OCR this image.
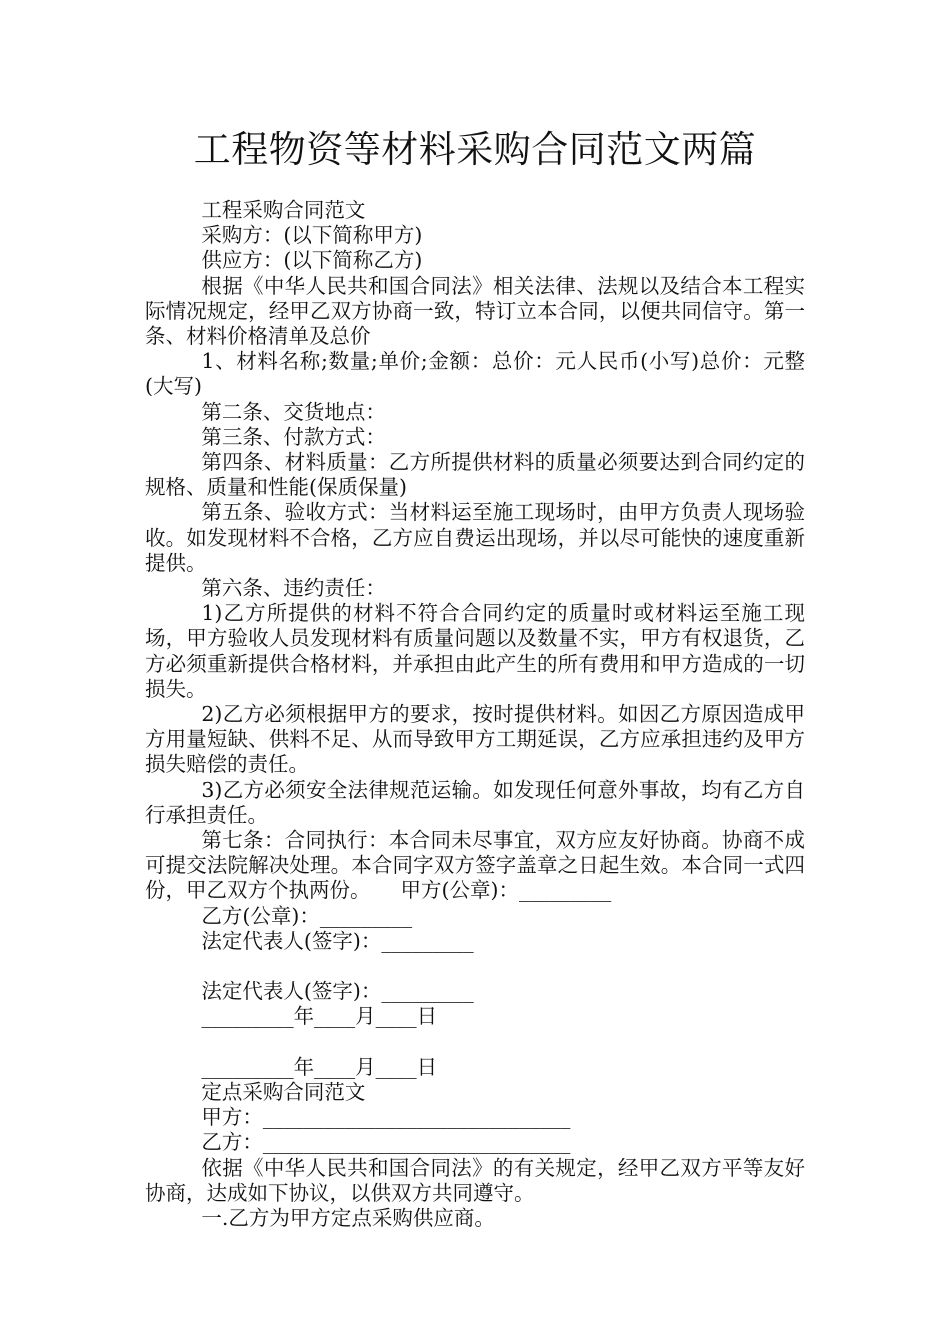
工程物资等材料采购合同范文两篇

工程采购合同范文

采购方：(以下简称甲方)

供应方：(以下简称乙方)

根据《中华人民共和国合同法》相关法律、法规以及结合本工程实际情况规定，经甲乙双方协商一致，特订立本合同，以便共同信守。第一条、材料价格清单及总价

1、材料名称;数量;单价;金额：总价：元人民币(小写)总价：元整(大写)

第二条、交货地点：

第三条、付款方式：

第四条、材料质量：乙方所提供材料的质量必须要达到合同约定的规格、质量和性能(保质保量)

第五条、验收方式：当材料运至施工现场时，由甲方负责人现场验收。如发现材料不合格，乙方应自费运出现场，并以尽可能快的速度重新提供。

第六条、违约责任：

1)乙方所提供的材料不符合合同约定的质量时或材料运至施工现场，甲方验收人员发现材料有质量问题以及数量不实，甲方有权退货，乙方必须重新提供合格材料，并承担由此产生的所有费用和甲方造成的一切损失。

2)乙方必须根据甲方的要求，按时提供材料。如因乙方原因造成甲方用量短缺、供料不足、从而导致甲方工期延误，乙方应承担违约及甲方损失赔偿的责任。

3)乙方必须安全法律规范运输。如发现任何意外事故，均有乙方自行承担责任。

第七条：合同执行：本合同未尽事宜，双方应友好协商。协商不成可提交法院解决处理。本合同字双方签字盖章之日起生效。本合同一式四份，甲乙双方个执两份。 甲方(公章)：_________

乙方(公章)：_________

法定代表人(签字)：_________

法定代表人(签字)：_________

_________年____月____日

_________年____月____日

定点采购合同范文

甲方：______________________________

乙方：______________________________

依据《中华人民共和国合同法》的有关规定，经甲乙双方平等友好协商，达成如下协议，以供双方共同遵守。

一.乙方为甲方定点采购供应商。
